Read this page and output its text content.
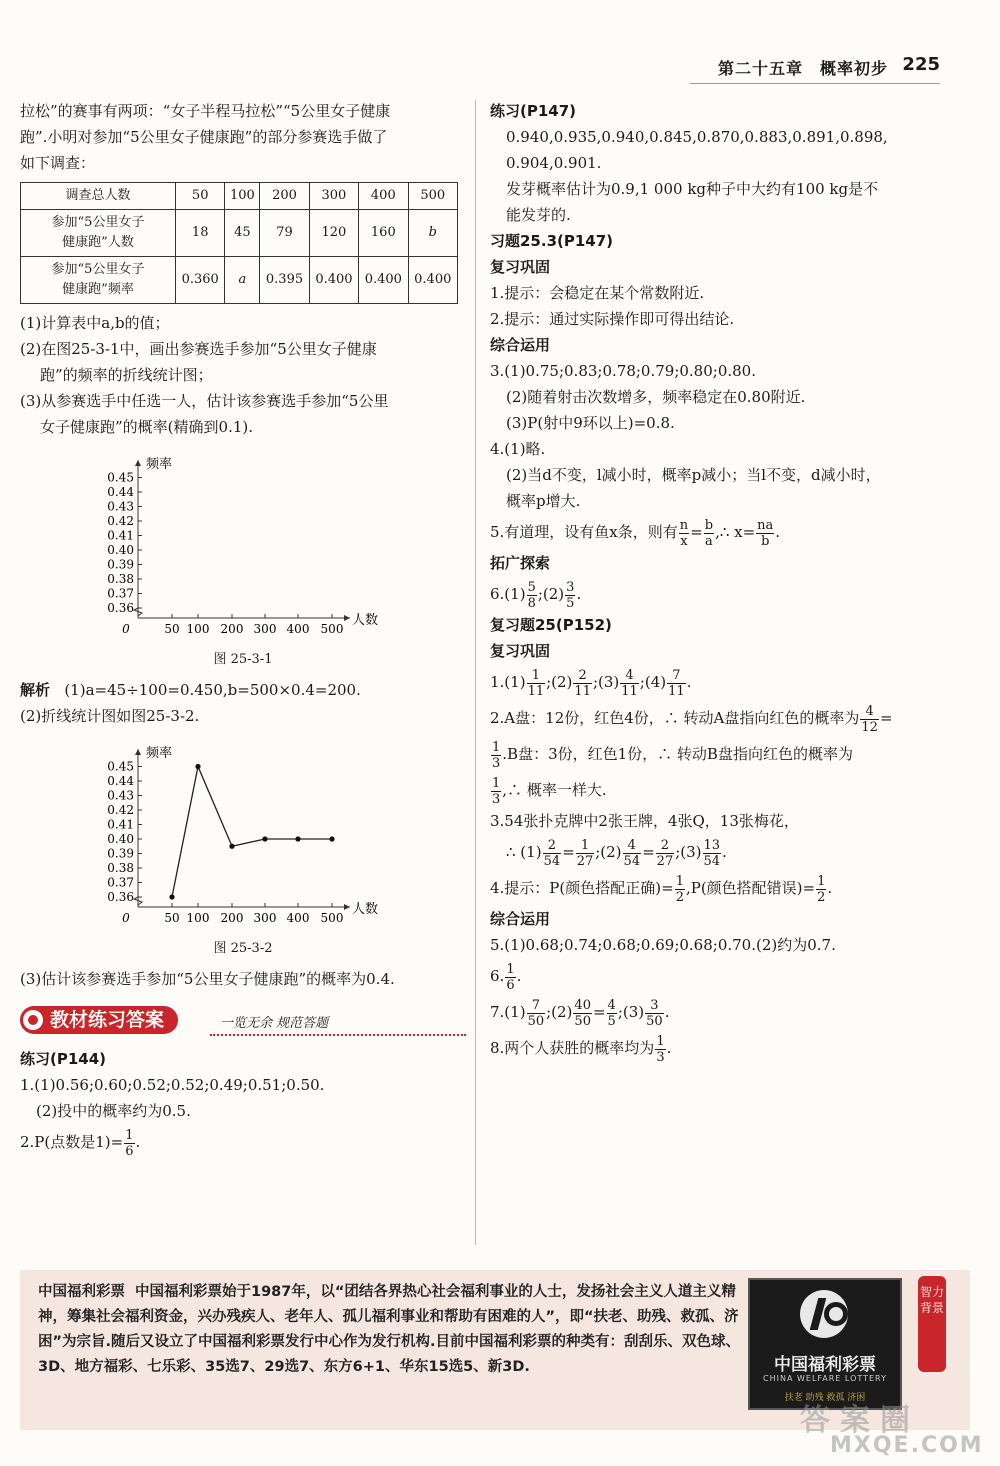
第二十五章　概率初步 225

拉松”的赛事有两项：“女子半程马拉松”“5公里女子健康

跑”.小明对参加“5公里女子健康跑”的部分参赛选手做了

如下调查：

调查总人数	50	100	200	300	400	500

参加“5公里女子
健康跑”人数	18	45	79	120	160	b

参加“5公里女子
健康跑”频率	0.360	a	0.395	0.400	0.400	0.400

(1)计算表中a,b的值；

(2)在图25-3-1中，画出参赛选手参加“5公里女子健康

跑”的频率的折线统计图；

(3)从参赛选手中任选一人，估计该参赛选手参加“5公里

女子健康跑”的概率(精确到0.1).

0.45
0.44
0.43
0.42
0.41
0.40
0.39
0.38
0.37
0.36
50 100 200 300 400 500
0
频率
人数
图 25-3-1

解析 (1)a=45÷100=0.450,b=500×0.4=200.

(2)折线统计图如图25-3-2.

0.45
0.44
0.43
0.42
0.41
0.40
0.39
0.38
0.37
0.36
50 100 200 300 400 500
0
频率
人数
图 25-3-2

(3)估计该参赛选手参加“5公里女子健康跑”的概率为0.4.

教材练习答案	一览无余 规范答题

练习(P144)

1.(1)0.56;0.60;0.52;0.52;0.49;0.51;0.50.

(2)投中的概率约为0.5.

2.P(点数是$1)= \frac{1}{6}$ .

练习(P147)

0.940,0.935,0.940,0.845,0.870,0.883,0.891,0.898,

0.904,0.901.

发芽概率估计为0.9,1 000 kg种子中大约有100 kg是不

能发芽的.

习题25.3(P147)

复习巩固

1.提示：会稳定在某个常数附近.

2.提示：通过实际操作即可得出结论.

综合运用

3.(1)0.75;0.83;0.78;0.79;0.80;0.80.

(2)随着射击次数增多，频率稳定在0.80附近.

(3)P(射中9环以上)=0.8.

4.(1)略.

(2)当d不变，l减小时，概率p减小；当l不变，d减小时，

概率p增大.

5.有道理，设有鱼x条，则有 $\frac{n}{x} = \frac{b}{a}$ ,∴ $x= \frac{na}{b}$ .

拓广探索

$6.(1) \frac{5}{8}$ ;(2) $\frac{3}{5}$ .

复习题25(P152)

复习巩固

$1.(1) \frac{1}{11}$ ;(2) $\frac{2}{11}$ ;(3) $\frac{4}{11}$ ;(4) $\frac{7}{11}$ .

2.A盘：12份，红色4份，∴ 转动A盘指向红色的概率为 $\frac{4}{12}$ =

$\frac{1}{3} .B$盘：3份，红色1份，∴ 转动B盘指向红色的概率为

$\frac{1}{3}$ ,∴ 概率一样大.

3.54张扑克牌中2张王牌，4张Q，13张梅花，

∴ $(1) \frac{2}{54} = \frac{1}{27}$ ;(2) $\frac{4}{54} = \frac{2}{27}$ ;(3) $\frac{13}{54}$ .

4.提示：P(颜色搭配正确)= $\frac{1}{2} ,P$(颜色搭配错误)= $\frac{1}{2}$ .

综合运用

5.(1)0.68;0.74;0.68;0.69;0.68;0.70.(2)约为0.7.

6. $\frac{1}{6}$ .

$7.(1) \frac{7}{50}$ ;(2) $\frac{40}{50} = \frac{4}{5}$ ;(3) $\frac{3}{50}$ .

8.两个人获胜的概率均为 $\frac{1}{3}$ .

中国福利彩票 中国福利彩票始于1987年，以“团结各界热心社会福利事业的人士，发扬社会主义人道主义精神，筹集社会福利资金，兴办残疾人、老年人、孤儿福利事业和帮助有困难的人”，即“扶老、助残、救孤、济困”为宗旨.随后又设立了中国福利彩票发行中心作为发行机构.目前中国福利彩票的种类有：刮刮乐、双色球、3D、地方福彩、七乐彩、35选7、29选7、东方6+1、华东15选5、新3D.	中国福利彩票
CHINA WELFARE LOTTERY
扶老 助残 救孤 济困
智力背景
答案圈
MXQE.COM
